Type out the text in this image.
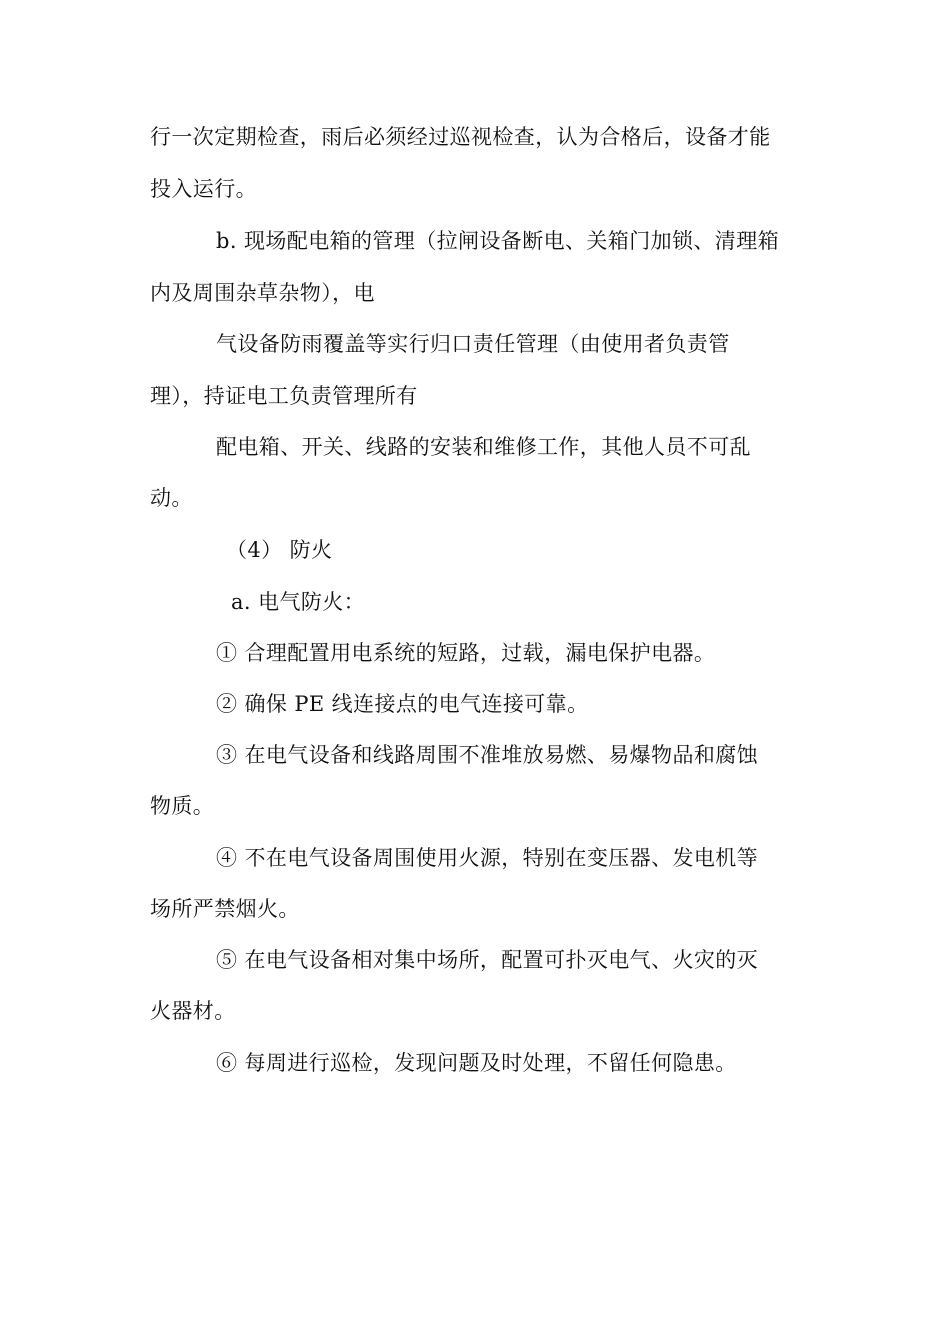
行一次定期检查，雨后必须经过巡视检查，认为合格后，设备才能
投入运行。
b. 现场配电箱的管理（拉闸设备断电、关箱门加锁、清理箱
内及周围杂草杂物），电
气设备防雨覆盖等实行归口责任管理（由使用者负责管
理），持证电工负责管理所有
配电箱、开关、线路的安装和维修工作，其他人员不可乱
动。
（4） 防火
a. 电气防火：
① 合理配置用电系统的短路，过载，漏电保护电器。
② 确保 PE 线连接点的电气连接可靠。
③ 在电气设备和线路周围不准堆放易燃、易爆物品和腐蚀
物质。
④ 不在电气设备周围使用火源，特别在变压器、发电机等
场所严禁烟火。
⑤ 在电气设备相对集中场所，配置可扑灭电气、火灾的灭
火器材。
⑥ 每周进行巡检，发现问题及时处理，不留任何隐患。
